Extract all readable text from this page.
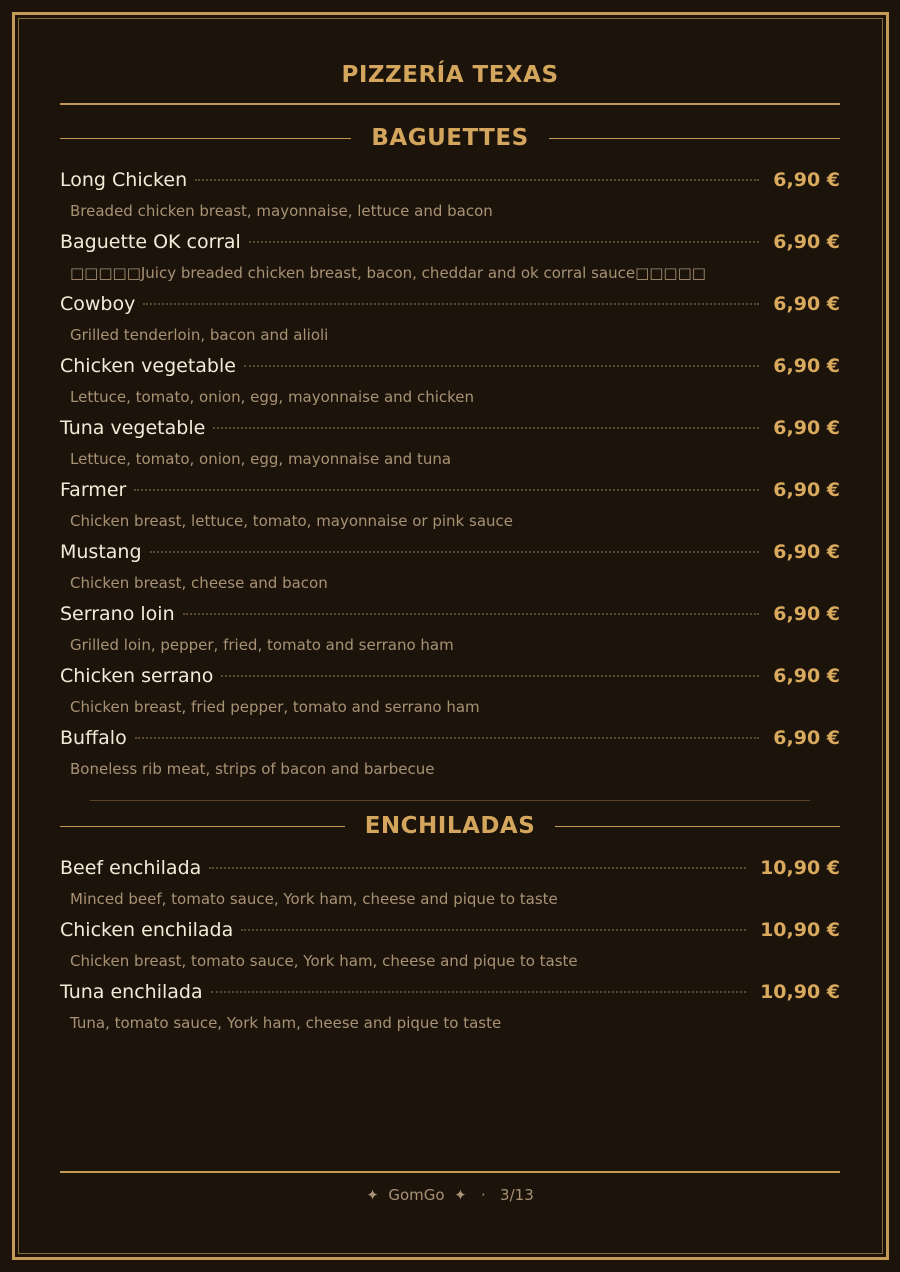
PIZZERÍA TEXAS
BAGUETTES
Long Chicken	6,90 €
Breaded chicken breast, mayonnaise, lettuce and bacon
Baguette OK corral	6,90 €
□□□□□Juicy breaded chicken breast, bacon, cheddar and ok corral sauce□□□□□
Cowboy	6,90 €
Grilled tenderloin, bacon and alioli
Chicken vegetable	6,90 €
Lettuce, tomato, onion, egg, mayonnaise and chicken
Tuna vegetable	6,90 €
Lettuce, tomato, onion, egg, mayonnaise and tuna
Farmer	6,90 €
Chicken breast, lettuce, tomato, mayonnaise or pink sauce
Mustang	6,90 €
Chicken breast, cheese and bacon
Serrano loin	6,90 €
Grilled loin, pepper, fried, tomato and serrano ham
Chicken serrano	6,90 €
Chicken breast, fried pepper, tomato and serrano ham
Buffalo	6,90 €
Boneless rib meat, strips of bacon and barbecue
ENCHILADAS
Beef enchilada	10,90 €
Minced beef, tomato sauce, York ham, cheese and pique to taste
Chicken enchilada	10,90 €
Chicken breast, tomato sauce, York ham, cheese and pique to taste
Tuna enchilada	10,90 €
Tuna, tomato sauce, York ham, cheese and pique to taste
✦  GomGo  ✦   ·   3/13
